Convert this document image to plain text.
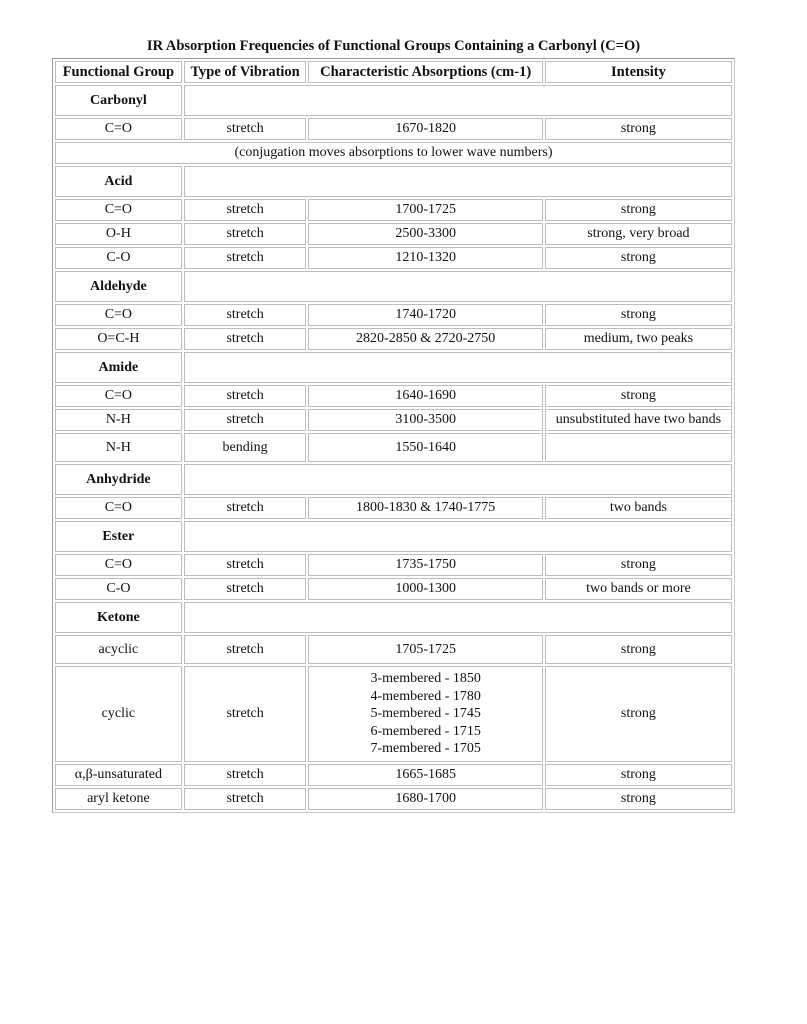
IR Absorption Frequencies of Functional Groups Containing a Carbonyl (C=O)
Functional Group	Type of Vibration	Characteristic Absorptions (cm-1)	Intensity
Carbonyl			
C=O	stretch	1670-1820	strong
(conjugation moves absorptions to lower wave numbers)			
Acid			
C=O	stretch	1700-1725	strong
O-H	stretch	2500-3300	strong, very broad
C-O	stretch	1210-1320	strong
Aldehyde			
C=O	stretch	1740-1720	strong
O=C-H	stretch	2820-2850 & 2720-2750	medium, two peaks
Amide			
C=O	stretch	1640-1690	strong
N-H	stretch	3100-3500	unsubstituted have two bands
N-H	bending	1550-1640	
Anhydride			
C=O	stretch	1800-1830 & 1740-1775	two bands
Ester			
C=O	stretch	1735-1750	strong
C-O	stretch	1000-1300	two bands or more
Ketone			
acyclic	stretch	1705-1725	strong
cyclic	stretch	3-membered - 1850
4-membered - 1780
5-membered - 1745
6-membered - 1715
7-membered - 1705	strong
α,β-unsaturated	stretch	1665-1685	strong
aryl ketone	stretch	1680-1700	strong
